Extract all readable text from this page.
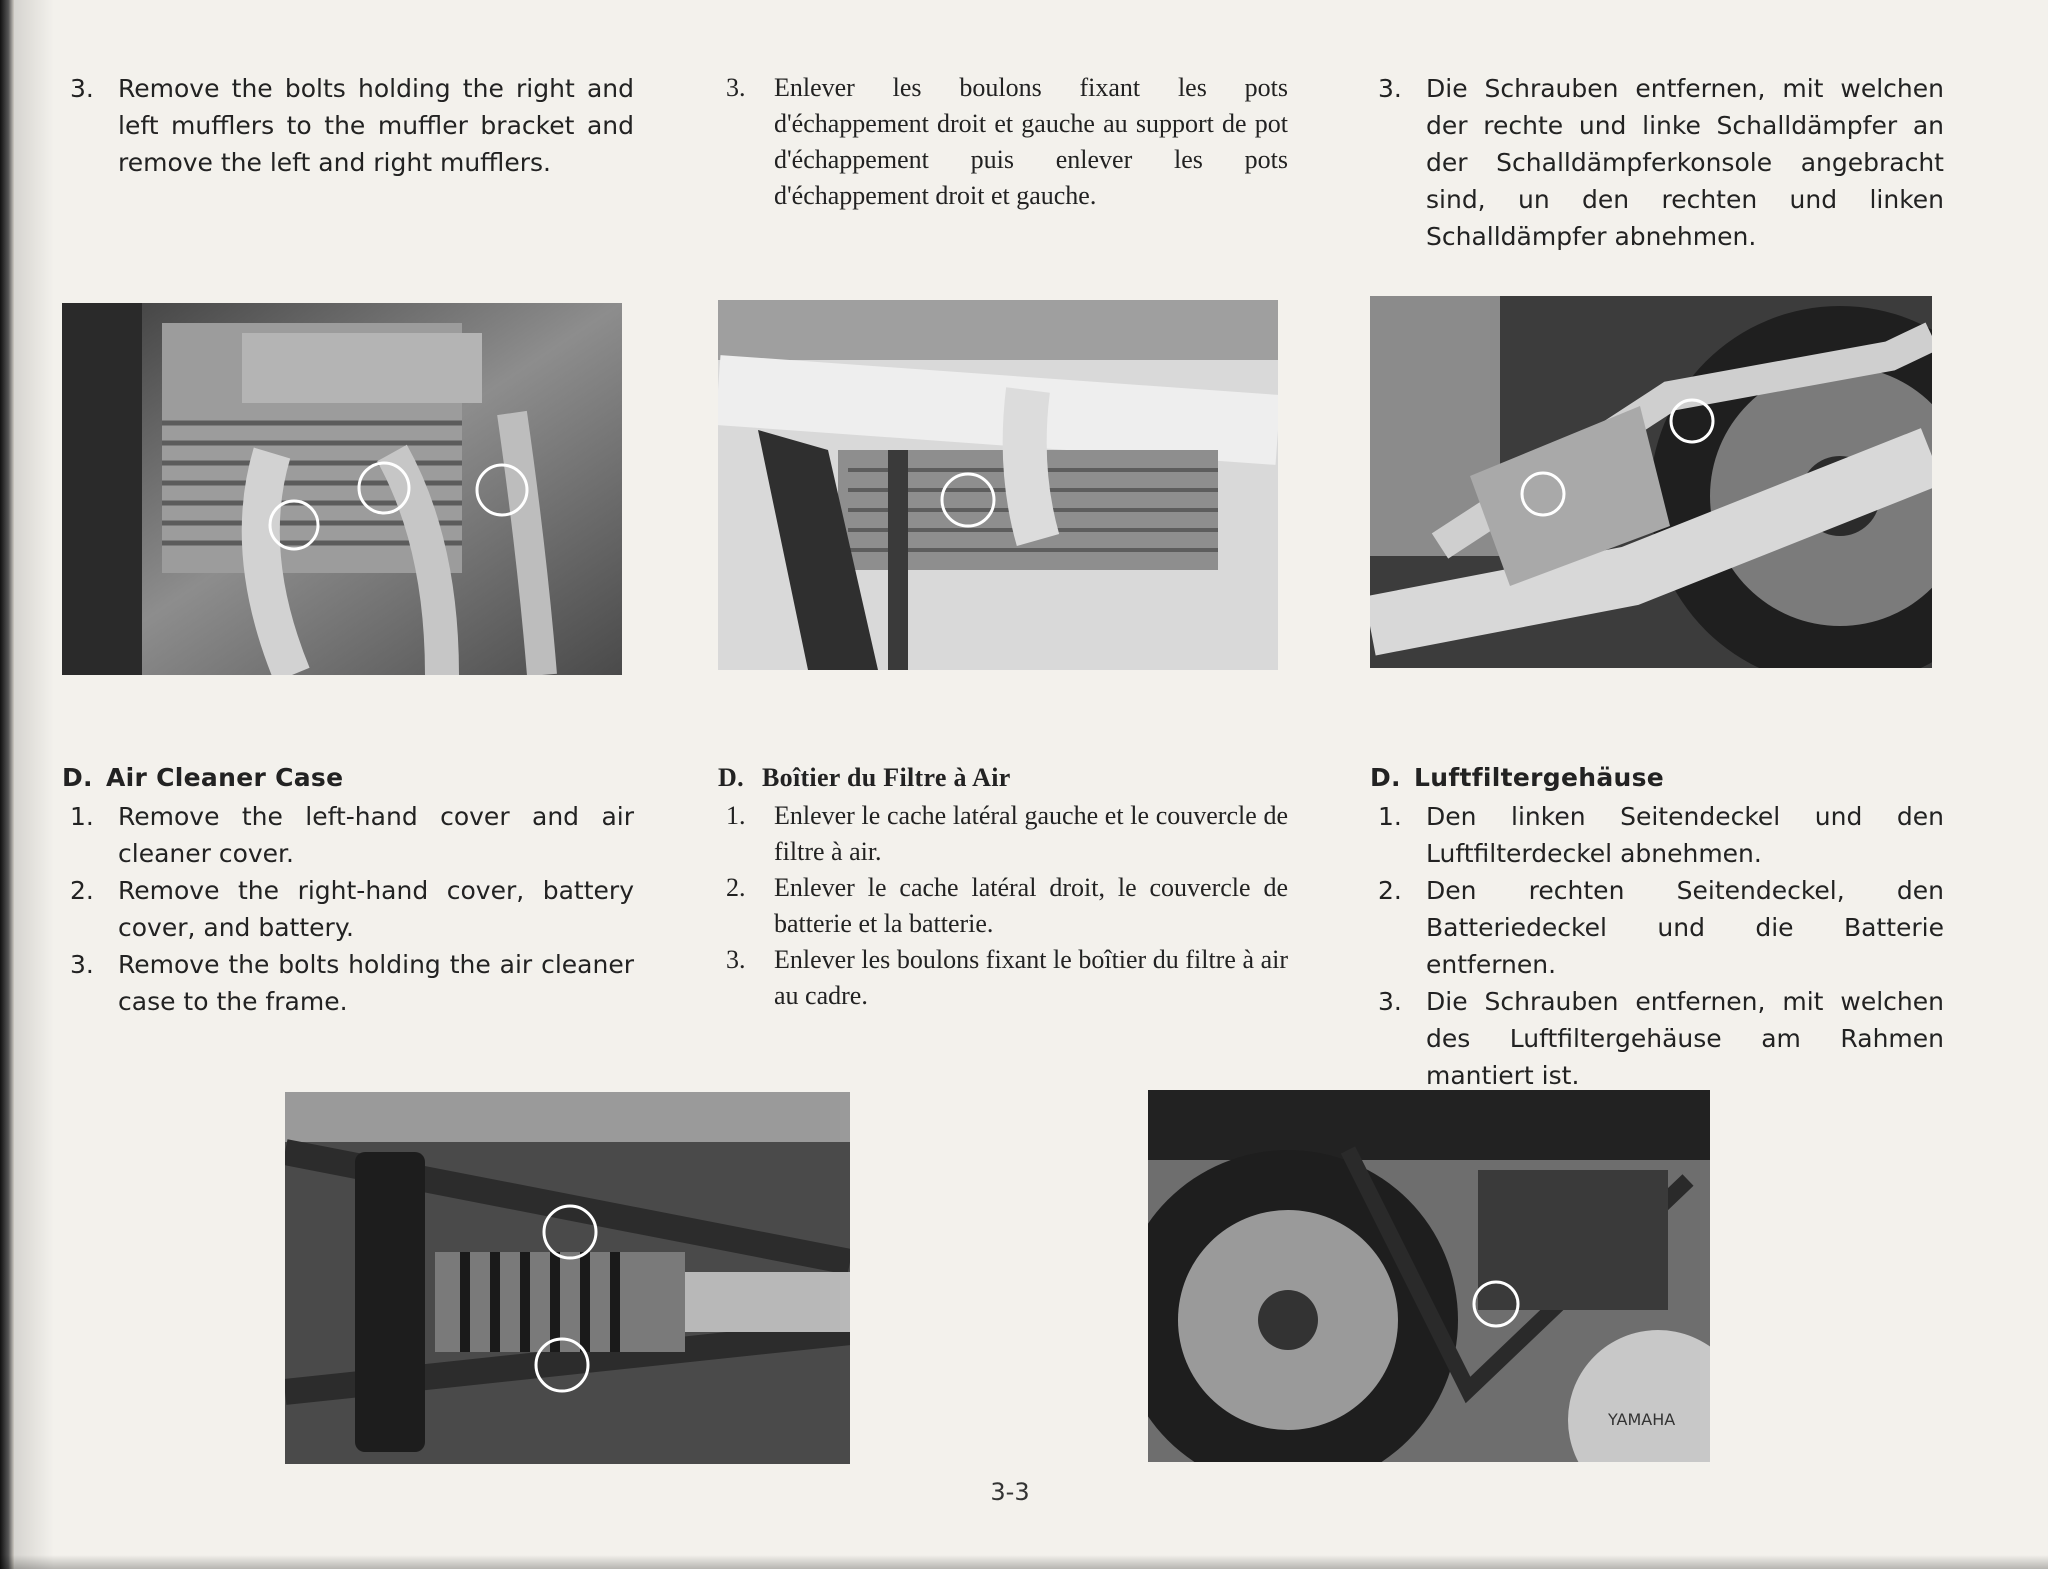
3. Remove the bolts holding the right and left mufflers to the muffler bracket and remove the left and right mufflers.
3. Enlever les boulons fixant les pots d'échappement droit et gauche au support de pot d'échappement puis enlever les pots d'échappement droit et gauche.
3. Die Schrauben entfernen, mit welchen der rechte und linke Schalldämpfer an der Schalldämpferkonsole angebracht sind, un den rechten und linken Schalldämpfer abnehmen.
D. Air Cleaner Case
1. Remove the left-hand cover and air cleaner cover.
2. Remove the right-hand cover, battery cover, and battery.
3. Remove the bolts holding the air cleaner case to the frame.
D. Boîtier du Filtre à Air
1. Enlever le cache latéral gauche et le couvercle de filtre à air.
2. Enlever le cache latéral droit, le couvercle de batterie et la batterie.
3. Enlever les boulons fixant le boîtier du filtre à air au cadre.
D. Luftfiltergehäuse
1. Den linken Seitendeckel und den Luftfilterdeckel abnehmen.
2. Den rechten Seitendeckel, den Batteriedeckel und die Batterie entfernen.
3. Die Schrauben entfernen, mit welchen des Luftfiltergehäuse am Rahmen mantiert ist.
YAMAHA
3-3
